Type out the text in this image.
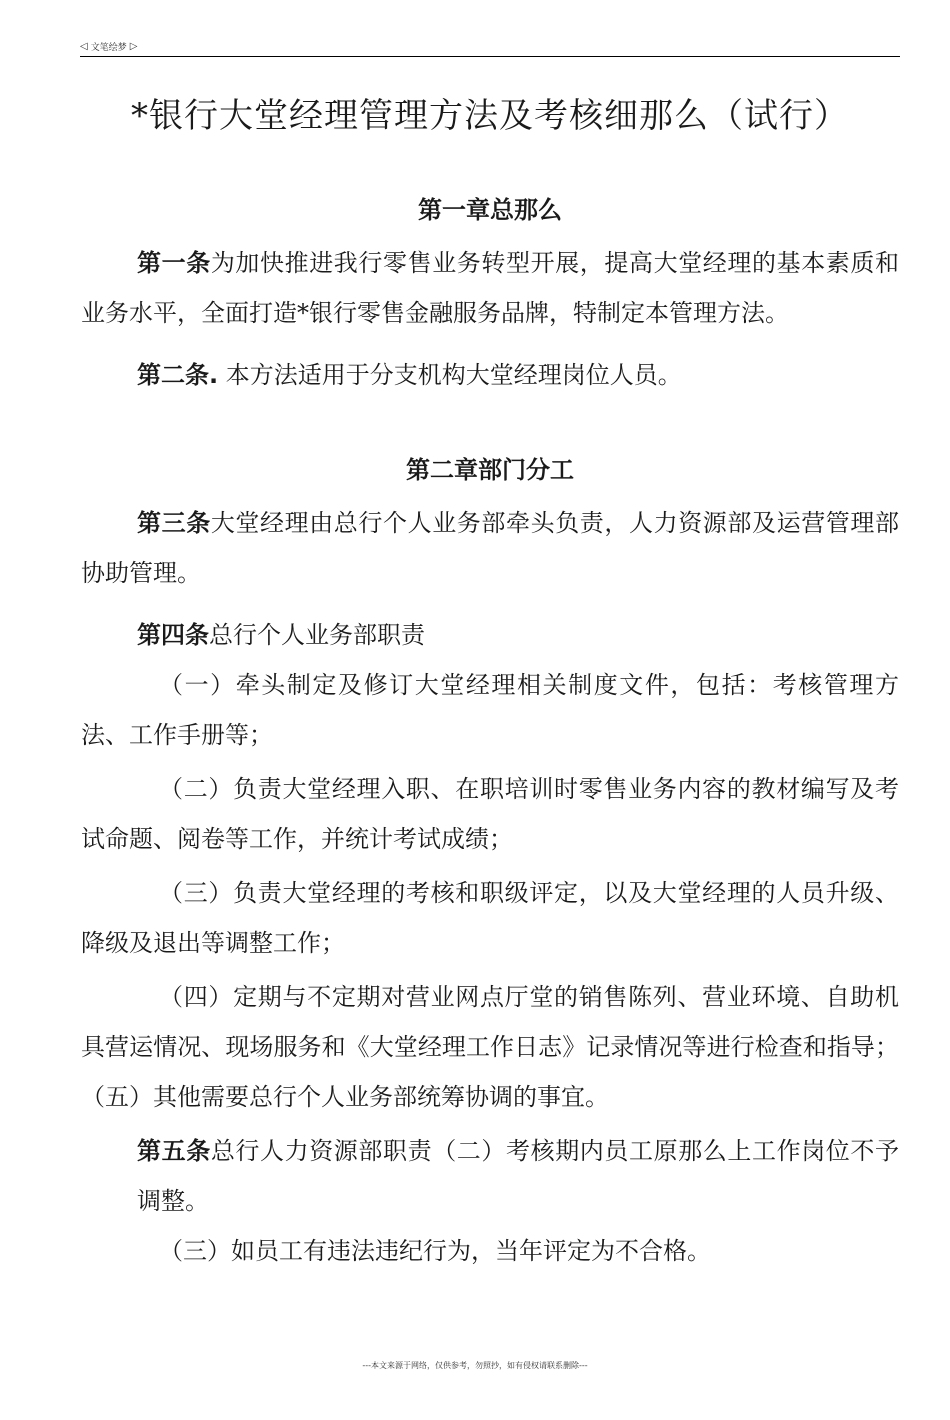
◁ 文笔绘梦 ▷
*银行大堂经理管理方法及考核细那么（试行）
第一章总那么

第一条为加快推进我行零售业务转型开展，提高大堂经理的基本素质和业务水平，全面打造*银行零售金融服务品牌，特制定本管理方法。

第二条. 本方法适用于分支机构大堂经理岗位人员。

第二章部门分工

第三条大堂经理由总行个人业务部牵头负责，人力资源部及运营管理部协助管理。

第四条总行个人业务部职责

（一）牵头制定及修订大堂经理相关制度文件，包括：考核管理方法、工作手册等；

（二）负责大堂经理入职、在职培训时零售业务内容的教材编写及考试命题、阅卷等工作，并统计考试成绩；

（三）负责大堂经理的考核和职级评定，以及大堂经理的人员升级、降级及退出等调整工作；

（四）定期与不定期对营业网点厅堂的销售陈列、营业环境、自助机具营运情况、现场服务和《大堂经理工作日志》记录情况等进行检查和指导；（五）其他需要总行个人业务部统筹协调的事宜。

第五条总行人力资源部职责（二）考核期内员工原那么上工作岗位不予调整。

（三）如员工有违法违纪行为，当年评定为不合格。

---本文来源于网络，仅供参考，勿照抄，如有侵权请联系删除---
